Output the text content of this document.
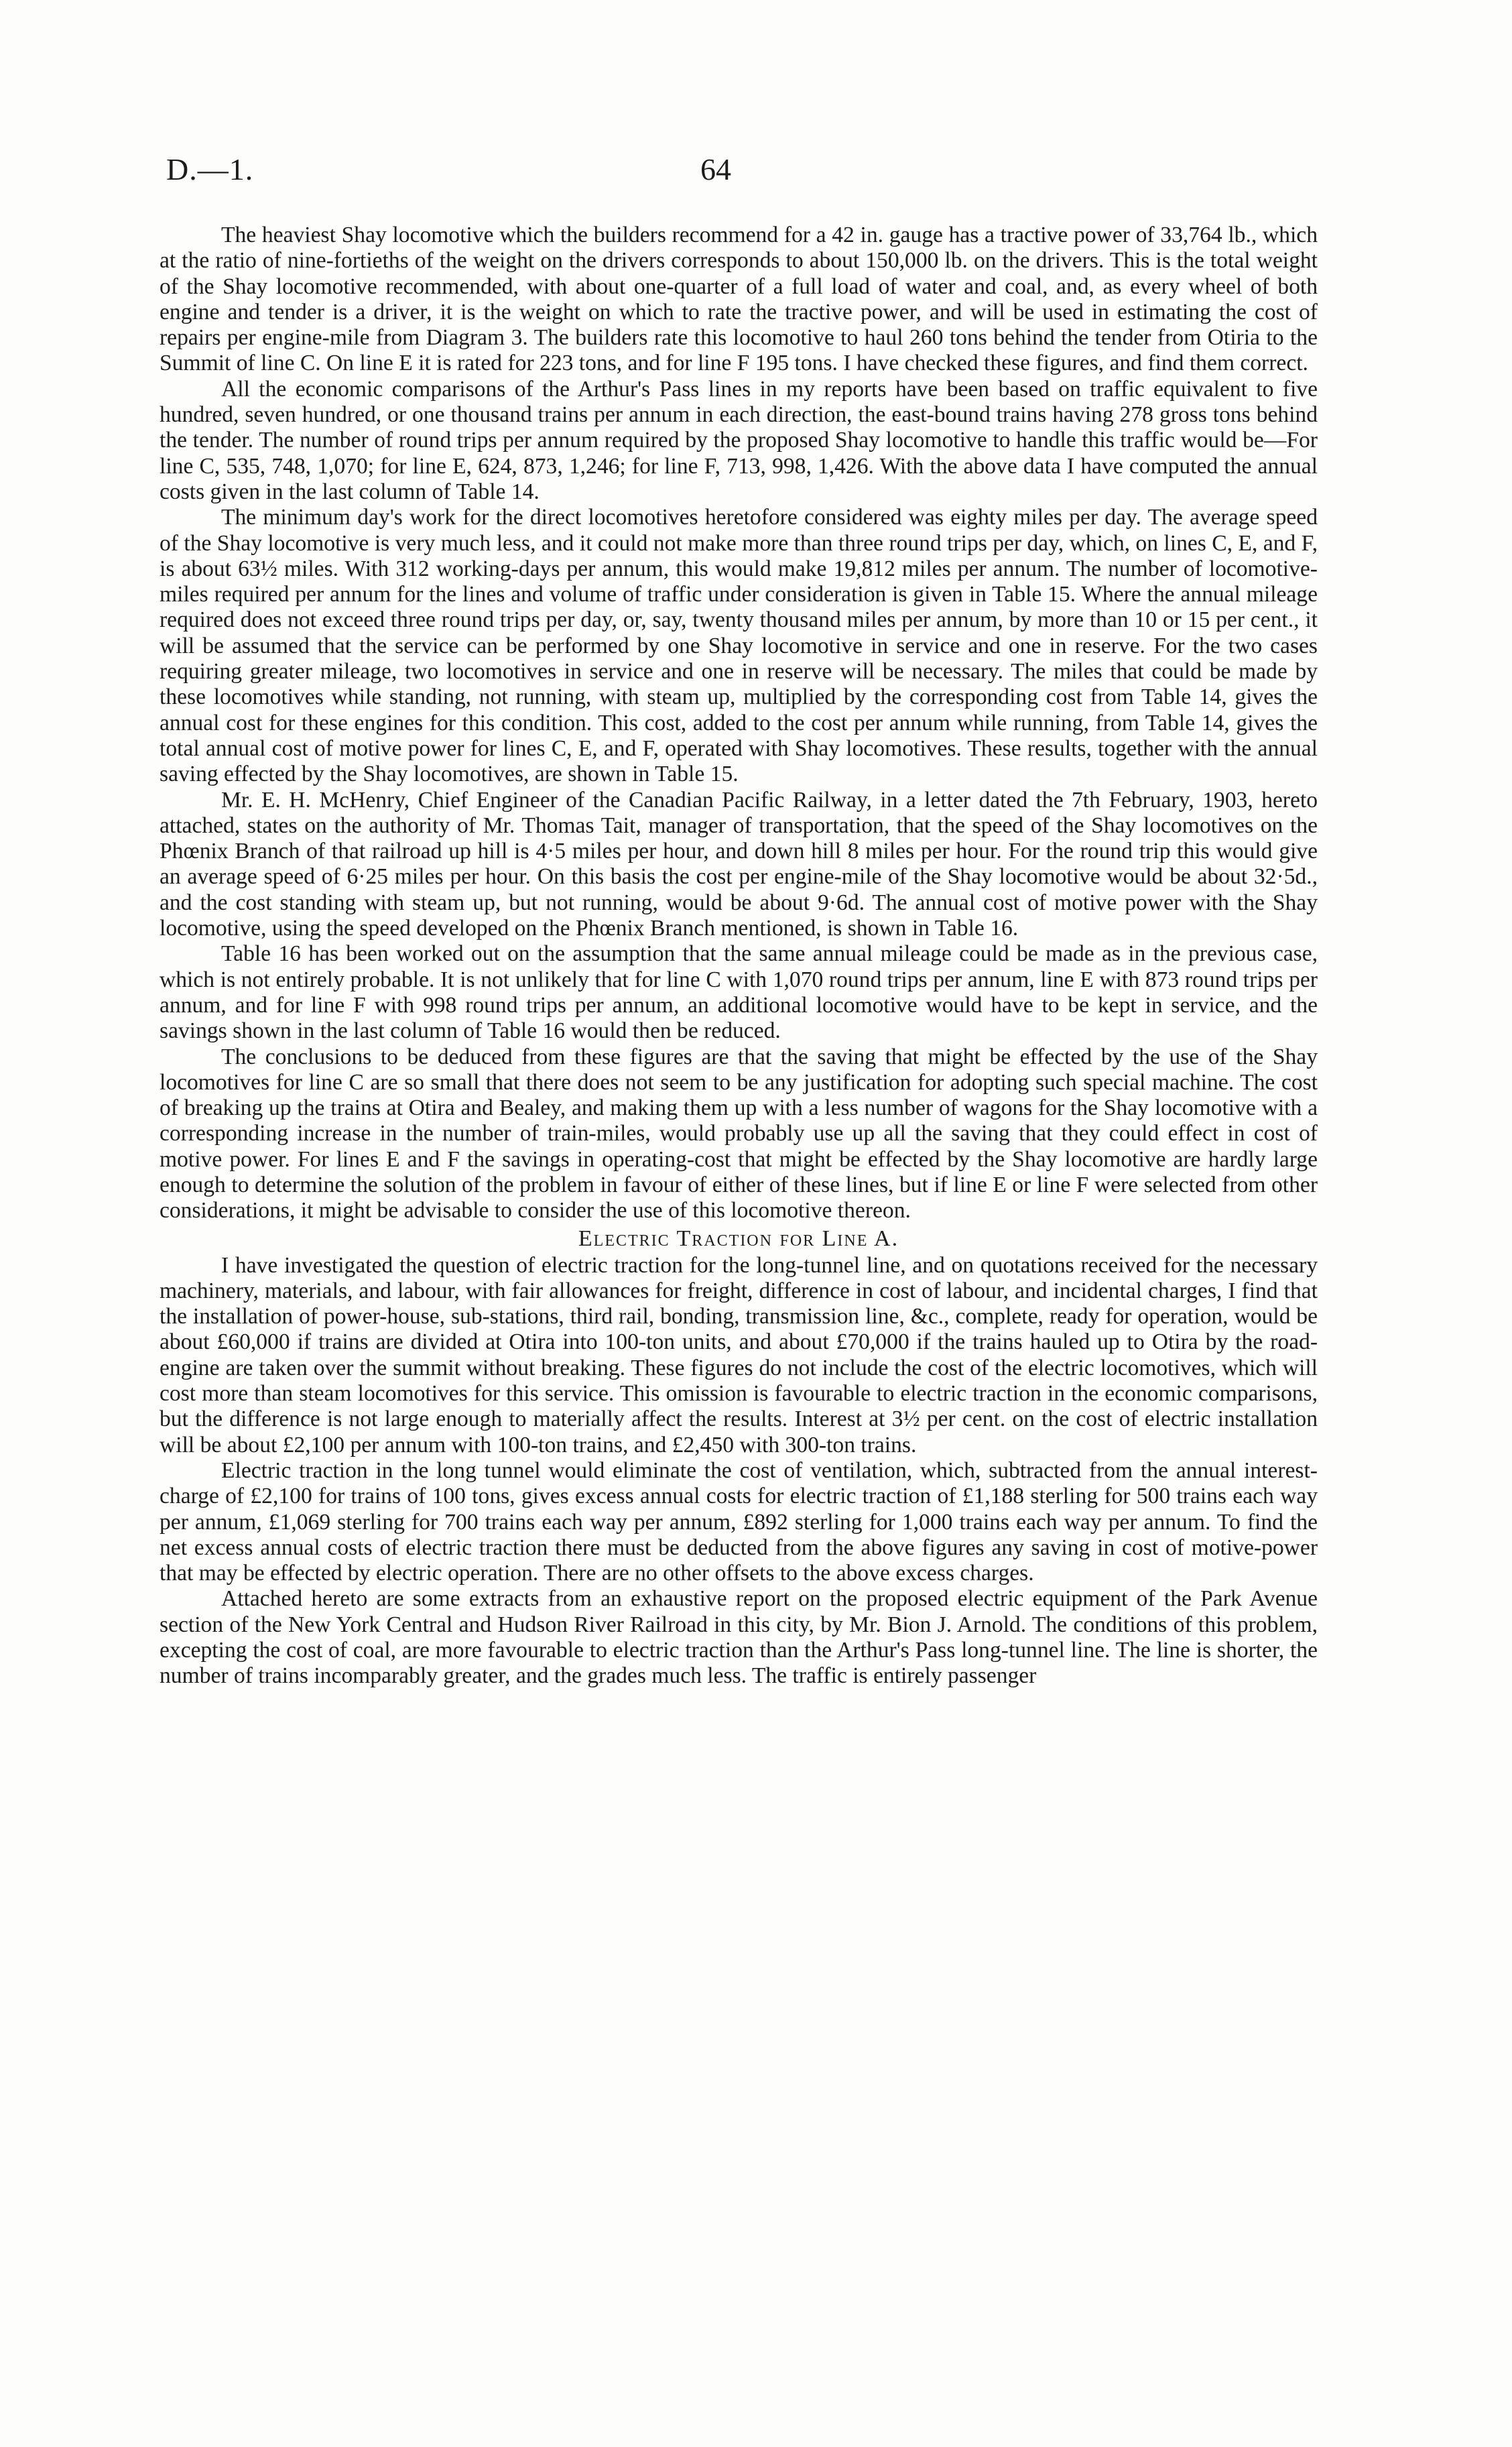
D.—1.	64

The heaviest Shay locomotive which the builders recommend for a 42 in. gauge has a tractive power of 33,764 lb., which at the ratio of nine-fortieths of the weight on the drivers corresponds to about 150,000 lb. on the drivers. This is the total weight of the Shay locomotive recommended, with about one-quarter of a full load of water and coal, and, as every wheel of both engine and tender is a driver, it is the weight on which to rate the tractive power, and will be used in estimating the cost of repairs per engine-mile from Diagram 3. The builders rate this locomotive to haul 260 tons behind the tender from Otiria to the Summit of line C. On line E it is rated for 223 tons, and for line F 195 tons. I have checked these figures, and find them correct.

All the economic comparisons of the Arthur's Pass lines in my reports have been based on traffic equivalent to five hundred, seven hundred, or one thousand trains per annum in each direction, the east-bound trains having 278 gross tons behind the tender. The number of round trips per annum required by the proposed Shay locomotive to handle this traffic would be—For line C, 535, 748, 1,070; for line E, 624, 873, 1,246; for line F, 713, 998, 1,426. With the above data I have computed the annual costs given in the last column of Table 14.

The minimum day's work for the direct locomotives heretofore considered was eighty miles per day. The average speed of the Shay locomotive is very much less, and it could not make more than three round trips per day, which, on lines C, E, and F, is about 63½ miles. With 312 working-days per annum, this would make 19,812 miles per annum. The number of locomotive-miles required per annum for the lines and volume of traffic under consideration is given in Table 15. Where the annual mileage required does not exceed three round trips per day, or, say, twenty thousand miles per annum, by more than 10 or 15 per cent., it will be assumed that the service can be performed by one Shay locomotive in service and one in reserve. For the two cases requiring greater mileage, two locomotives in service and one in reserve will be necessary. The miles that could be made by these locomotives while standing, not running, with steam up, multiplied by the corresponding cost from Table 14, gives the annual cost for these engines for this condition. This cost, added to the cost per annum while running, from Table 14, gives the total annual cost of motive power for lines C, E, and F, operated with Shay locomotives. These results, together with the annual saving effected by the Shay locomotives, are shown in Table 15.

Mr. E. H. McHenry, Chief Engineer of the Canadian Pacific Railway, in a letter dated the 7th February, 1903, hereto attached, states on the authority of Mr. Thomas Tait, manager of transportation, that the speed of the Shay locomotives on the Phœnix Branch of that railroad up hill is 4·5 miles per hour, and down hill 8 miles per hour. For the round trip this would give an average speed of 6·25 miles per hour. On this basis the cost per engine-mile of the Shay locomotive would be about 32·5d., and the cost standing with steam up, but not running, would be about 9·6d. The annual cost of motive power with the Shay locomotive, using the speed developed on the Phœnix Branch mentioned, is shown in Table 16.

Table 16 has been worked out on the assumption that the same annual mileage could be made as in the previous case, which is not entirely probable. It is not unlikely that for line C with 1,070 round trips per annum, line E with 873 round trips per annum, and for line F with 998 round trips per annum, an additional locomotive would have to be kept in service, and the savings shown in the last column of Table 16 would then be reduced.

The conclusions to be deduced from these figures are that the saving that might be effected by the use of the Shay locomotives for line C are so small that there does not seem to be any justification for adopting such special machine. The cost of breaking up the trains at Otira and Bealey, and making them up with a less number of wagons for the Shay locomotive with a corresponding increase in the number of train-miles, would probably use up all the saving that they could effect in cost of motive power. For lines E and F the savings in operating-cost that might be effected by the Shay locomotive are hardly large enough to determine the solution of the problem in favour of either of these lines, but if line E or line F were selected from other considerations, it might be advisable to consider the use of this locomotive thereon.

Electric Traction for Line A.

I have investigated the question of electric traction for the long-tunnel line, and on quotations received for the necessary machinery, materials, and labour, with fair allowances for freight, difference in cost of labour, and incidental charges, I find that the installation of power-house, sub-stations, third rail, bonding, transmission line, &c., complete, ready for operation, would be about £60,000 if trains are divided at Otira into 100-ton units, and about £70,000 if the trains hauled up to Otira by the road-engine are taken over the summit without breaking. These figures do not include the cost of the electric locomotives, which will cost more than steam locomotives for this service. This omission is favourable to electric traction in the economic comparisons, but the difference is not large enough to materially affect the results. Interest at 3½ per cent. on the cost of electric installation will be about £2,100 per annum with 100-ton trains, and £2,450 with 300-ton trains.

Electric traction in the long tunnel would eliminate the cost of ventilation, which, subtracted from the annual interest-charge of £2,100 for trains of 100 tons, gives excess annual costs for electric traction of £1,188 sterling for 500 trains each way per annum, £1,069 sterling for 700 trains each way per annum, £892 sterling for 1,000 trains each way per annum. To find the net excess annual costs of electric traction there must be deducted from the above figures any saving in cost of motive-power that may be effected by electric operation. There are no other offsets to the above excess charges.

Attached hereto are some extracts from an exhaustive report on the proposed electric equipment of the Park Avenue section of the New York Central and Hudson River Railroad in this city, by Mr. Bion J. Arnold. The conditions of this problem, excepting the cost of coal, are more favourable to electric traction than the Arthur's Pass long-tunnel line. The line is shorter, the number of trains incomparably greater, and the grades much less. The traffic is entirely passenger
